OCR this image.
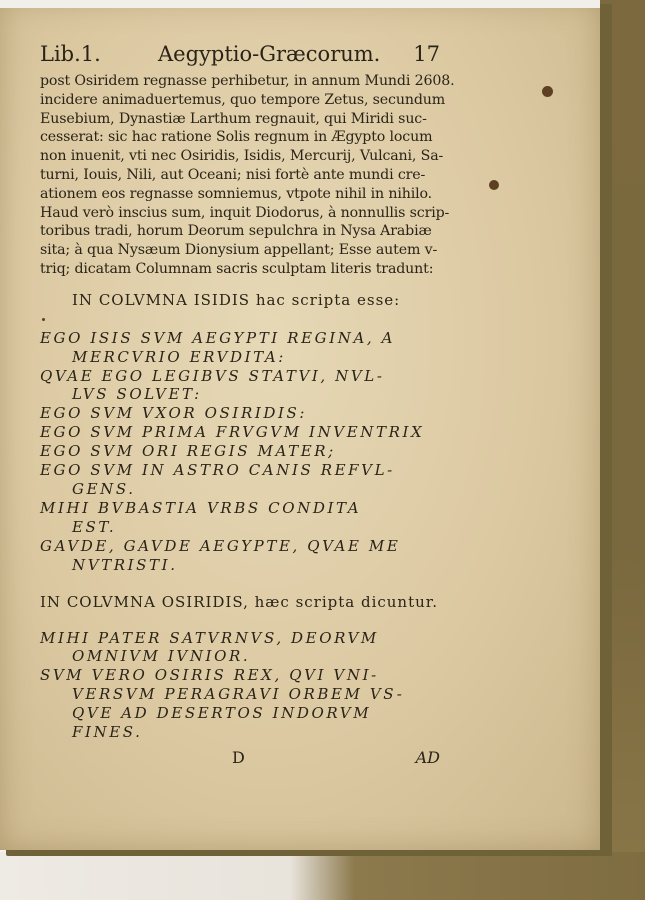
Lib.1.	Aegyptio-Græcorum. 17

post Osiridem regnasse perhibetur, in annum Mundi 2608.

incidere animaduertemus, quo tempore Zetus, secundum

Eusebium, Dynastiæ Larthum regnauit, qui Miridi suc-

cesserat: sic hac ratione Solis regnum in Ægypto locum

non inuenit, vti nec Osiridis, Isidis, Mercurij, Vulcani, Sa-

turni, Iouis, Nili, aut Oceani; nisi fortè ante mundi cre-

ationem eos regnasse somniemus, vtpote nihil in nihilo.

Haud verò inscius sum, inquit Diodorus, à nonnullis scrip-

toribus tradi, horum Deorum sepulchra in Nysa Arabiæ

sita; à qua Nysæum Dionysium appellant; Esse autem v-

triq; dicatam Columnam sacris sculptam literis tradunt:

IN COLVMNA ISIDIS hac scripta esse:

EGO ISIS SVM AEGYPTI REGINA, A

MERCVRIO ERVDITA:

QVAE EGO LEGIBVS STATVI, NVL-

LVS SOLVET:

EGO SVM VXOR OSIRIDIS:

EGO SVM PRIMA FRVGVM INVENTRIX

EGO SVM ORI REGIS MATER;

EGO SVM IN ASTRO CANIS REFVL-

GENS.

MIHI BVBASTIA VRBS CONDITA

EST.

GAVDE, GAVDE AEGYPTE, QVAE ME

NVTRISTI.

IN COLVMNA OSIRIDIS, hæc scripta dicuntur.

MIHI PATER SATVRNVS, DEORVM

OMNIVM IVNIOR.

SVM VERO OSIRIS REX, QVI VNI-

VERSVM PERAGRAVI ORBEM VS-

QVE AD DESERTOS INDORVM

FINES.

D	AD
